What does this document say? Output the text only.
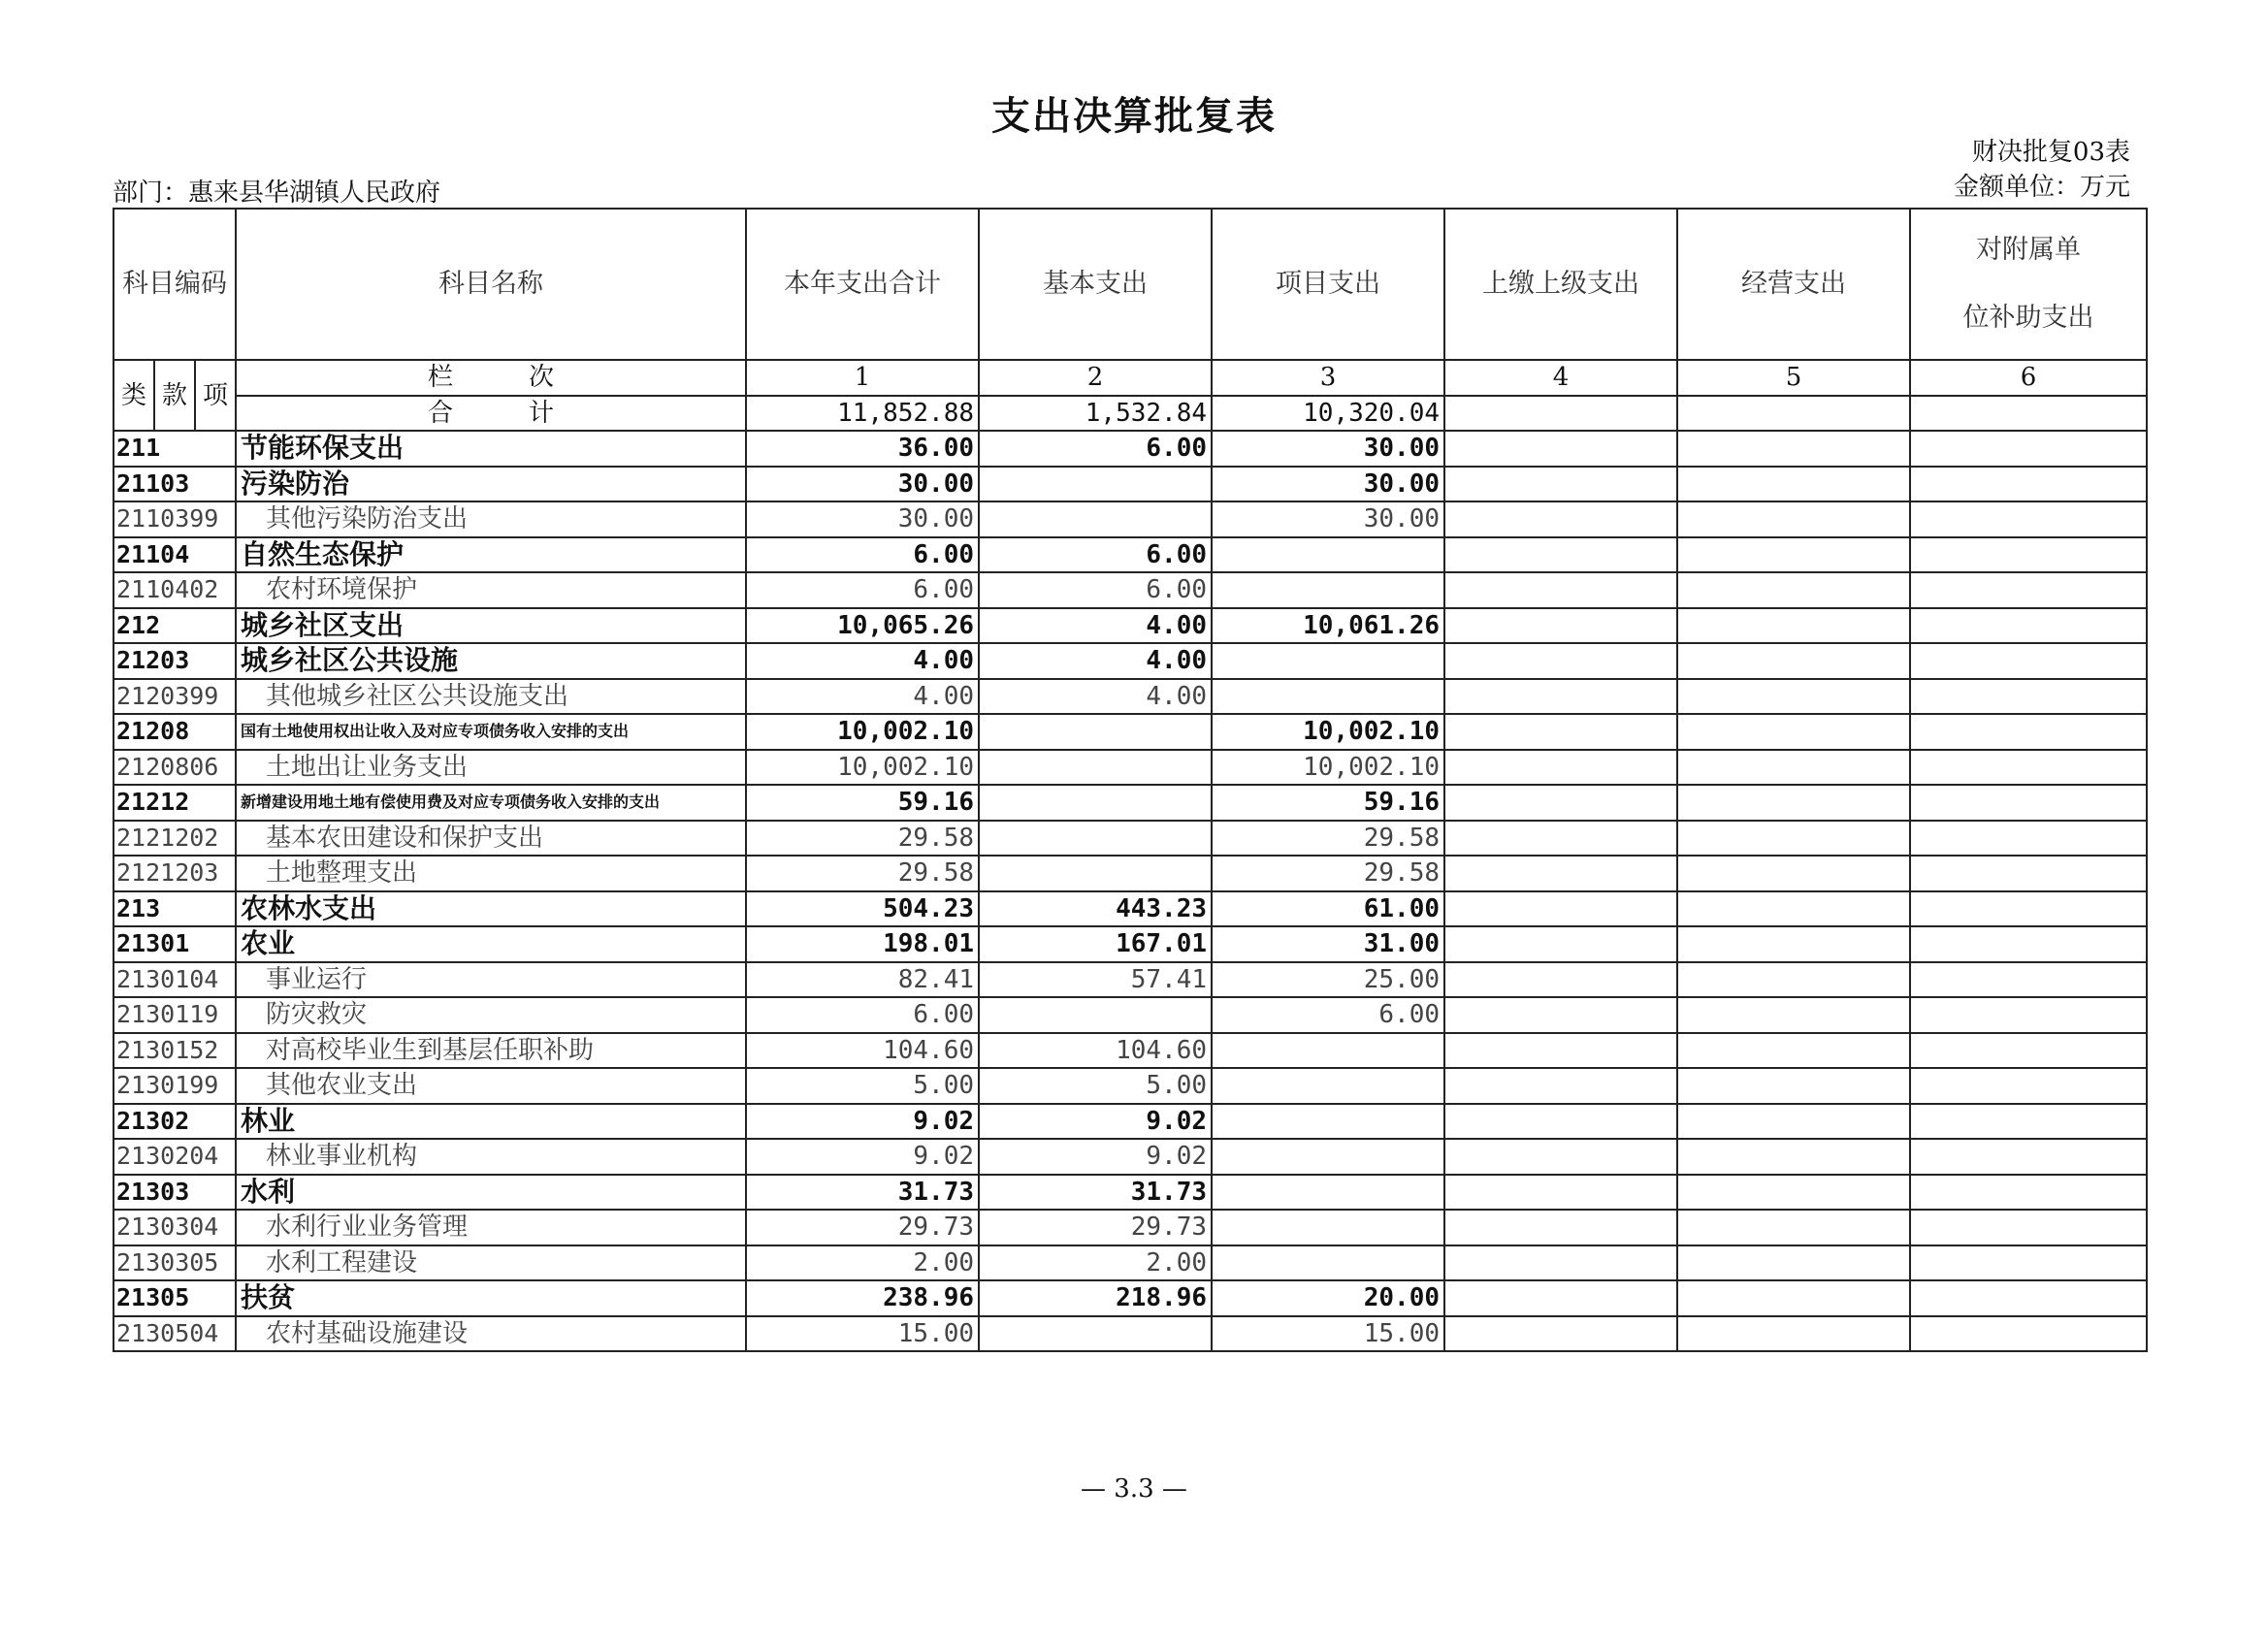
支出决算批复表
财决批复03表
金额单位：万元
部门：惠来县华湖镇人民政府
科目编码			科目名称	本年支出合计	基本支出	项目支出	上缴上级支出	经营支出	对附属单
位补助支出

类	款	项	栏　　　次	1	2	3	4	5	6
			合　　　计	11,852.88	1,532.84	10,320.04			
211			节能环保支出	36.00	6.00	30.00			
21103			污染防治	30.00		30.00			
2110399			其他污染防治支出	30.00		30.00			
21104			自然生态保护	6.00	6.00				
2110402			农村环境保护	6.00	6.00				
212			城乡社区支出	10,065.26	4.00	10,061.26			
21203			城乡社区公共设施	4.00	4.00				
2120399			其他城乡社区公共设施支出	4.00	4.00				
21208			国有土地使用权出让收入及对应专项债务收入安排的支出	10,002.10		10,002.10			
2120806			土地出让业务支出	10,002.10		10,002.10			
21212			新增建设用地土地有偿使用费及对应专项债务收入安排的支出	59.16		59.16			
2121202			基本农田建设和保护支出	29.58		29.58			
2121203			土地整理支出	29.58		29.58			
213			农林水支出	504.23	443.23	61.00			
21301			农业	198.01	167.01	31.00			
2130104			事业运行	82.41	57.41	25.00			
2130119			防灾救灾	6.00		6.00			
2130152			对高校毕业生到基层任职补助	104.60	104.60				
2130199			其他农业支出	5.00	5.00				
21302			林业	9.02	9.02				
2130204			林业事业机构	9.02	9.02				
21303			水利	31.73	31.73				
2130304			水利行业业务管理	29.73	29.73				
2130305			水利工程建设	2.00	2.00				
21305			扶贫	238.96	218.96	20.00			
2130504			农村基础设施建设	15.00		15.00			
— 3.3 —
